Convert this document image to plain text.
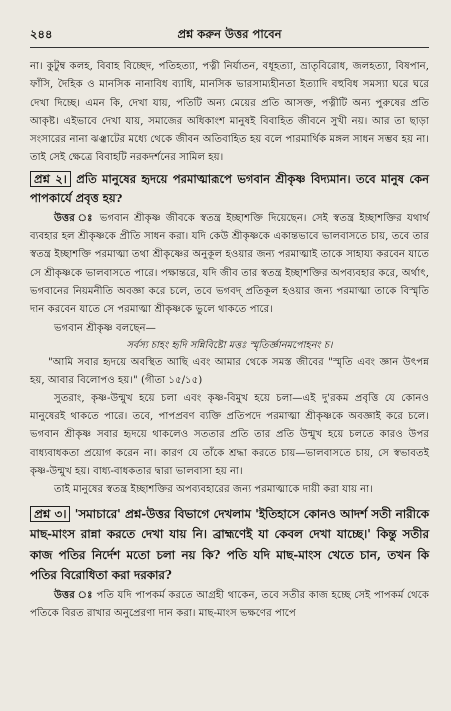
২৪৪	প্রশ্ন করুন উত্তর পাবেন

না। কুটুম্ব কলহ, বিবাহ বিচ্ছেদ, পতিহত্যা, পত্নী নির্যাতন, বধূহত্যা, ভ্রাতৃবিরোধ, জলহত্যা, বিষপান, ফাঁসি, দৈহিক ও মানসিক নানাবিধ ব্যাধি, মানসিক ভারসাম্যহীনতা ইত্যাদি বহুবিধ সমস্যা ঘরে ঘরে দেখা দিচ্ছে। এমন কি, দেখা যায়, পতিটি অন্য মেয়ের প্রতি আসক্ত, পত্নীটি অন্য পুরুষের প্রতি আকৃষ্ট। এইভাবে দেখা যায়, সমাজের অধিকাংশ মানুষই বিবাহিত জীবনে সুখী নয়। আর তা ছাড়া সংসারের নানা ঝঞ্ঝাটের মধ্যে থেকে জীবন অতিবাহিত হয় বলে পারমার্থিক মঙ্গল সাধন সম্ভব হয় না। তাই সেই ক্ষেত্রে বিবাহটি নরকদর্শনের সামিল হয়।

প্রশ্ন ২। প্রতি মানুষের হৃদয়ে পরমাত্মারূপে ভগবান শ্রীকৃষ্ণ বিদ্যমান। তবে মানুষ কেন পাপকার্যে প্রবৃত্ত হয়?

উত্তর ঃ ভগবান শ্রীকৃষ্ণ জীবকে স্বতন্ত্র ইচ্ছাশক্তি দিয়েছেন। সেই স্বতন্ত্র ইচ্ছাশক্তির যথার্থ ব্যবহার হল শ্রীকৃষ্ণকে প্রীতি সাধন করা। যদি কেউ শ্রীকৃষ্ণকে একান্তভাবে ভালবাসতে চায়, তবে তার স্বতন্ত্র ইচ্ছাশক্তি পরমাত্মা তথা শ্রীকৃষ্ণের অনুকূল হওয়ার জন্য পরমাত্মাই তাকে সাহায্য করবেন যাতে সে শ্রীকৃষ্ণকে ভালবাসতে পারে। পক্ষান্তরে, যদি জীব তার স্বতন্ত্র ইচ্ছাশক্তির অপব্যবহার করে, অর্থাৎ, ভগবানের নিয়মনীতি অবজ্ঞা করে চলে, তবে ভগবদ্ প্রতিকূল হওয়ার জন্য পরমাত্মা তাকে বিস্মৃতি দান করবেন যাতে সে পরমাত্মা শ্রীকৃষ্ণকে ভুলে থাকতে পারে।

ভগবান শ্রীকৃষ্ণ বলছেন—

সর্বস্য চাহং হৃদি সন্নিবিষ্টো মত্তঃ স্মৃতির্জ্ঞানমপোহনং চ।

"আমি সবার হৃদয়ে অবস্থিত আছি এবং আমার থেকে সমস্ত জীবের "স্মৃতি এবং জ্ঞান উৎপন্ন হয়, আবার বিলোপও হয়।" (গীতা ১৫/১৫)

সুতরাং, কৃষ্ণ-উন্মুখ হয়ে চলা এবং কৃষ্ণ-বিমুখ হয়ে চলা—এই দু'রকম প্রবৃত্তি যে কোনও মানুষেরই থাকতে পারে। তবে, পাপপ্রবণ ব্যক্তি প্রতিপদে পরমাত্মা শ্রীকৃষ্ণকে অবজ্ঞাই করে চলে। ভগবান শ্রীকৃষ্ণ সবার হৃদয়ে থাকলেও সততার প্রতি তার প্রতি উন্মুখ হয়ে চলতে কারও উপর বাধ্যবাধকতা প্রয়োগ করেন না। কারণ যে তাঁকে শ্রদ্ধা করতে চায়—ভালবাসতে চায়, সে স্বভাবতই কৃষ্ণ-উন্মুখ হয়। বাধ্য-বাধকতার দ্বারা ভালবাসা হয় না।

তাই মানুষের স্বতন্ত্র ইচ্ছাশক্তির অপব্যবহারের জন্য পরমাত্মাকে দায়ী করা যায় না।

প্রশ্ন ৩। 'সমাচারে' প্রশ্ন-উত্তর বিভাগে দেখলাম 'ইতিহাসে কোনও আদর্শ সতী নারীকে মাছ-মাংস রান্না করতে দেখা যায় নি। ব্রাহ্মণেই যা কেবল দেখা যাচ্ছে।' কিন্তু সতীর কাজ পতির নির্দেশ মতো চলা নয় কি? পতি যদি মাছ-মাংস খেতে চান, তখন কি পতির বিরোধিতা করা দরকার?

উত্তর ঃ পতি যদি পাপকর্ম করতে আগ্রহী থাকেন, তবে সতীর কাজ হচ্ছে সেই পাপকর্ম থেকে পতিকে বিরত রাখার অনুপ্রেরণা দান করা। মাছ-মাংস ভক্ষণের পাপে
